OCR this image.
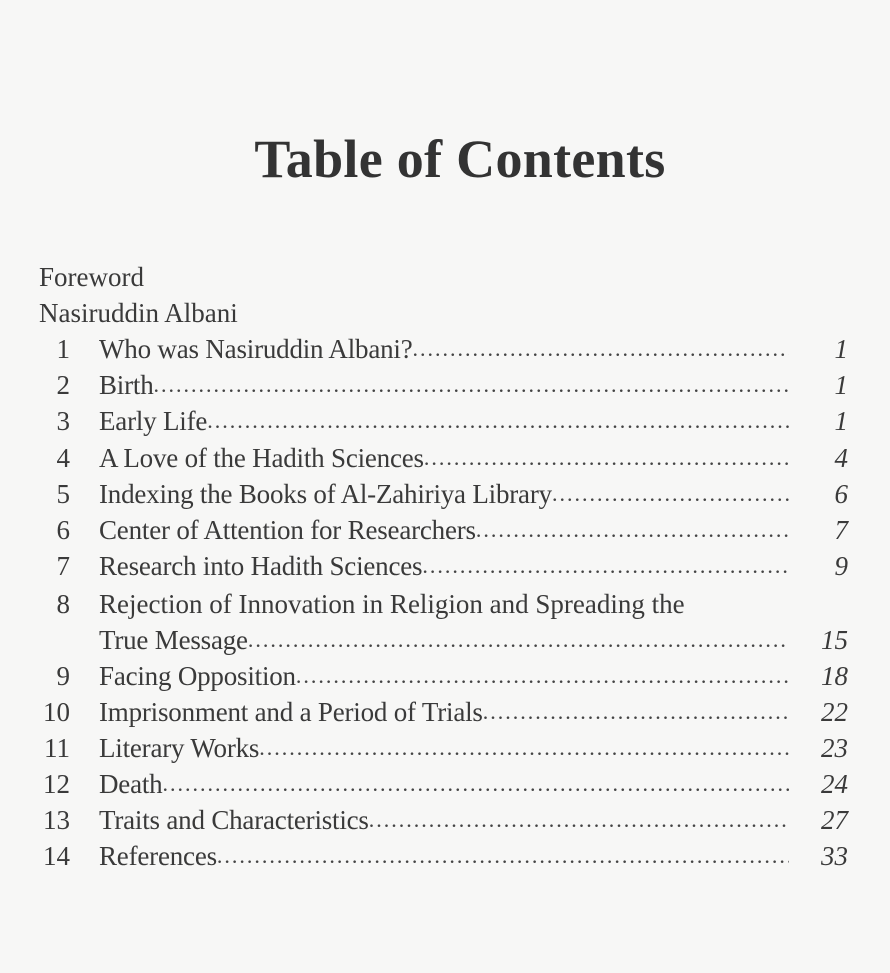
Table of Contents
Foreword
Nasiruddin Albani
1 Who was Nasiruddin Albani? .....	1
2 Birth .....	1
3 Early Life .....	1
4 A Love of the Hadith Sciences .....	4
5 Indexing the Books of Al-Zahiriya Library .....	6
6 Center of Attention for Researchers .....	7
7 Research into Hadith Sciences .....	9
8 Rejection of Innovation in Religion and Spreading the
True Message .....	15
9 Facing Opposition .....	18
10 Imprisonment and a Period of Trials .....	22
11 Literary Works .....	23
12 Death .....	24
13 Traits and Characteristics .....	27
14 References .....	33
